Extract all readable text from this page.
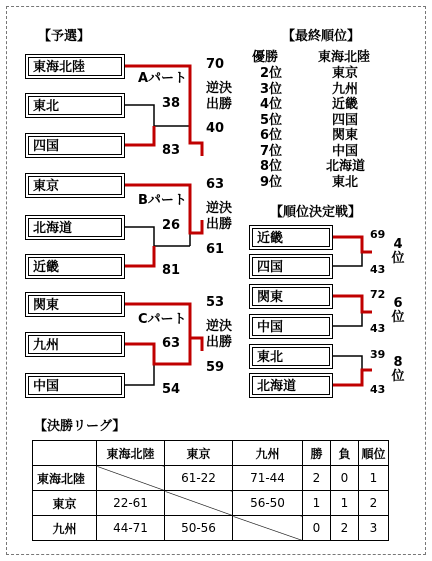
【予選】	【最終順位】
【順位決定戦】
【決勝リーグ】
東海北陸
東北
四国
Aパート
38
83
70
40
逆決
出勝
東京
北海道
近畿
Bパート
26
81
63
61
逆決
出勝
関東
九州
中国
Cパート
63
54
53
59
逆決
出勝
優勝	東海北陸
2位	東京
3位	九州
4位	近畿
5位	四国
6位	関東
7位	中国
8位	北海道
9位	東北
近畿
四国
69
43
4
位
関東
中国
72
43
6
位
東北
北海道
39
43
8
位
	東海北陸	東京	九州	勝	負	順位
東海北陸		61-22	71-44	2	0	1
東京	22-61		56-50	1	1	2
九州	44-71	50-56		0	2	3
